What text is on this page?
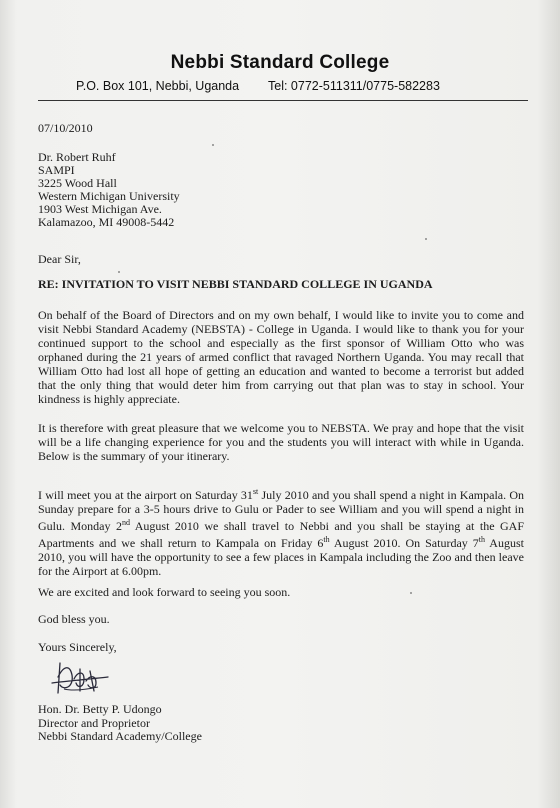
Nebbi Standard College
P.O. Box 101, Nebbi, Uganda Tel: 0772-511311/0775-582283
07/10/2010
Dr. Robert Ruhf
SAMPI
3225 Wood Hall
Western Michigan University
1903 West Michigan Ave.
Kalamazoo, MI 49008-5442
Dear Sir,
RE: INVITATION TO VISIT NEBBI STANDARD COLLEGE IN UGANDA
On behalf of the Board of Directors and on my own behalf, I would like to invite you to come and visit Nebbi Standard Academy (NEBSTA) - College in Uganda. I would like to thank you for your continued support to the school and especially as the first sponsor of William Otto who was orphaned during the 21 years of armed conflict that ravaged Northern Uganda. You may recall that William Otto had lost all hope of getting an education and wanted to become a terrorist but added that the only thing that would deter him from carrying out that plan was to stay in school. Your kindness is highly appreciate.
It is therefore with great pleasure that we welcome you to NEBSTA. We pray and hope that the visit will be a life changing experience for you and the students you will interact with while in Uganda. Below is the summary of your itinerary.
I will meet you at the airport on Saturday 31st July 2010 and you shall spend a night in Kampala. On Sunday prepare for a 3-5 hours drive to Gulu or Pader to see William and you will spend a night in Gulu. Monday 2nd August 2010 we shall travel to Nebbi and you shall be staying at the GAF Apartments and we shall return to Kampala on Friday 6th August 2010. On Saturday 7th August 2010, you will have the opportunity to see a few places in Kampala including the Zoo and then leave for the Airport at 6.00pm.
We are excited and look forward to seeing you soon.
God bless you.
Yours Sincerely,
Hon. Dr. Betty P. Udongo
Director and Proprietor
Nebbi Standard Academy/College
